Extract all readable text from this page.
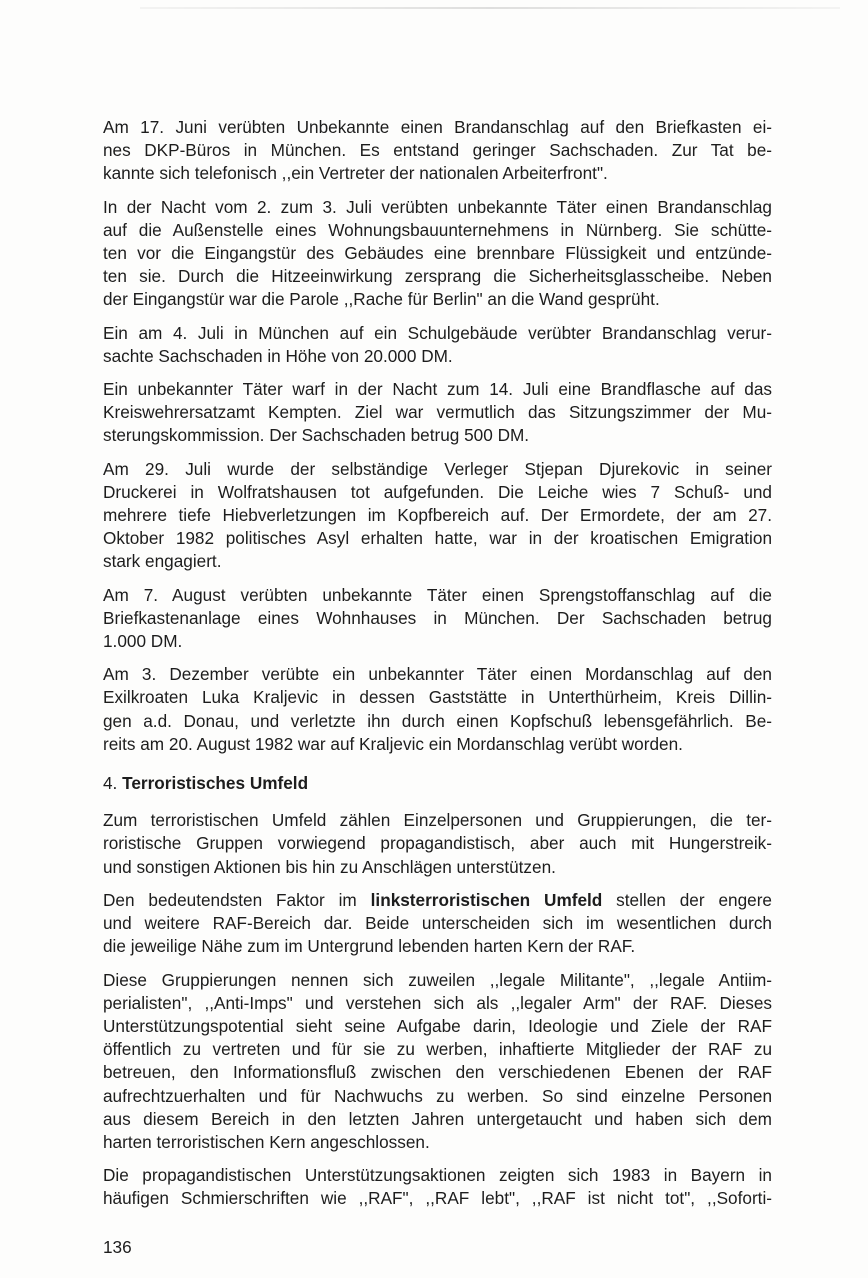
Am 17. Juni verübten Unbekannte einen Brandanschlag auf den Briefkasten ei-
nes DKP-Büros in München. Es entstand geringer Sachschaden. Zur Tat be-
kannte sich telefonisch ,,ein Vertreter der nationalen Arbeiterfront".

In der Nacht vom 2. zum 3. Juli verübten unbekannte Täter einen Brandanschlag
auf die Außenstelle eines Wohnungsbauunternehmens in Nürnberg. Sie schütte-
ten vor die Eingangstür des Gebäudes eine brennbare Flüssigkeit und entzünde-
ten sie. Durch die Hitzeeinwirkung zersprang die Sicherheitsglasscheibe. Neben
der Eingangstür war die Parole ,,Rache für Berlin" an die Wand gesprüht.

Ein am 4. Juli in München auf ein Schulgebäude verübter Brandanschlag verur-
sachte Sachschaden in Höhe von 20.000 DM.

Ein unbekannter Täter warf in der Nacht zum 14. Juli eine Brandflasche auf das
Kreiswehrersatzamt Kempten. Ziel war vermutlich das Sitzungszimmer der Mu-
sterungskommission. Der Sachschaden betrug 500 DM.

Am 29. Juli wurde der selbständige Verleger Stjepan Djurekovic in seiner
Druckerei in Wolfratshausen tot aufgefunden. Die Leiche wies 7 Schuß- und
mehrere tiefe Hiebverletzungen im Kopfbereich auf. Der Ermordete, der am 27.
Oktober 1982 politisches Asyl erhalten hatte, war in der kroatischen Emigration
stark engagiert.

Am 7. August verübten unbekannte Täter einen Sprengstoffanschlag auf die
Briefkastenanlage eines Wohnhauses in München. Der Sachschaden betrug
1.000 DM.

Am 3. Dezember verübte ein unbekannter Täter einen Mordanschlag auf den
Exilkroaten Luka Kraljevic in dessen Gaststätte in Unterthürheim, Kreis Dillin-
gen a.d. Donau, und verletzte ihn durch einen Kopfschuß lebensgefährlich. Be-
reits am 20. August 1982 war auf Kraljevic ein Mordanschlag verübt worden.

4. Terroristisches Umfeld

Zum terroristischen Umfeld zählen Einzelpersonen und Gruppierungen, die ter-
roristische Gruppen vorwiegend propagandistisch, aber auch mit Hungerstreik-
und sonstigen Aktionen bis hin zu Anschlägen unterstützen.

Den bedeutendsten Faktor im linksterroristischen Umfeld stellen der engere
und weitere RAF-Bereich dar. Beide unterscheiden sich im wesentlichen durch
die jeweilige Nähe zum im Untergrund lebenden harten Kern der RAF.

Diese Gruppierungen nennen sich zuweilen ,,legale Militante", ,,legale Antiim-
perialisten", ,,Anti-Imps" und verstehen sich als ,,legaler Arm" der RAF. Dieses
Unterstützungspotential sieht seine Aufgabe darin, Ideologie und Ziele der RAF
öffentlich zu vertreten und für sie zu werben, inhaftierte Mitglieder der RAF zu
betreuen, den Informationsfluß zwischen den verschiedenen Ebenen der RAF
aufrechtzuerhalten und für Nachwuchs zu werben. So sind einzelne Personen
aus diesem Bereich in den letzten Jahren untergetaucht und haben sich dem
harten terroristischen Kern angeschlossen.

Die propagandistischen Unterstützungsaktionen zeigten sich 1983 in Bayern in
häufigen Schmierschriften wie ,,RAF", ,,RAF lebt", ,,RAF ist nicht tot", ,,Soforti-

136
